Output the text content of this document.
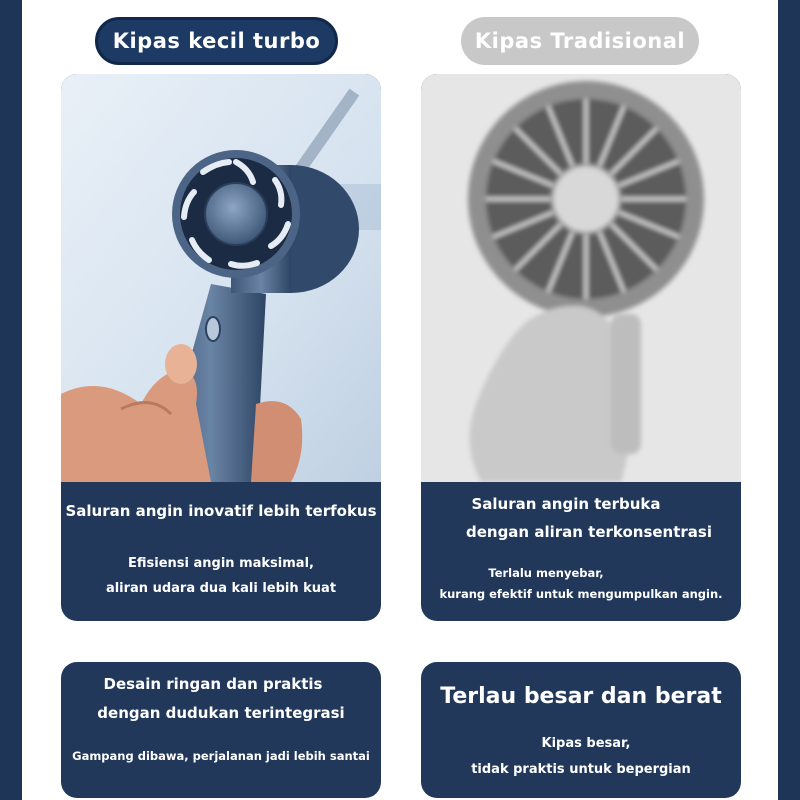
Kipas kecil turbo	Kipas Tradisional
Saluran angin inovatif lebih terfokus
Efisiensi angin maksimal,
aliran udara dua kali lebih kuat
Saluran angin terbuka
dengan aliran terkonsentrasi
Terlalu menyebar,
kurang efektif untuk mengumpulkan angin.
Desain ringan dan praktis
dengan dudukan terintegrasi
Gampang dibawa, perjalanan jadi lebih santai
Terlau besar dan berat
Kipas besar,
tidak praktis untuk bepergian
